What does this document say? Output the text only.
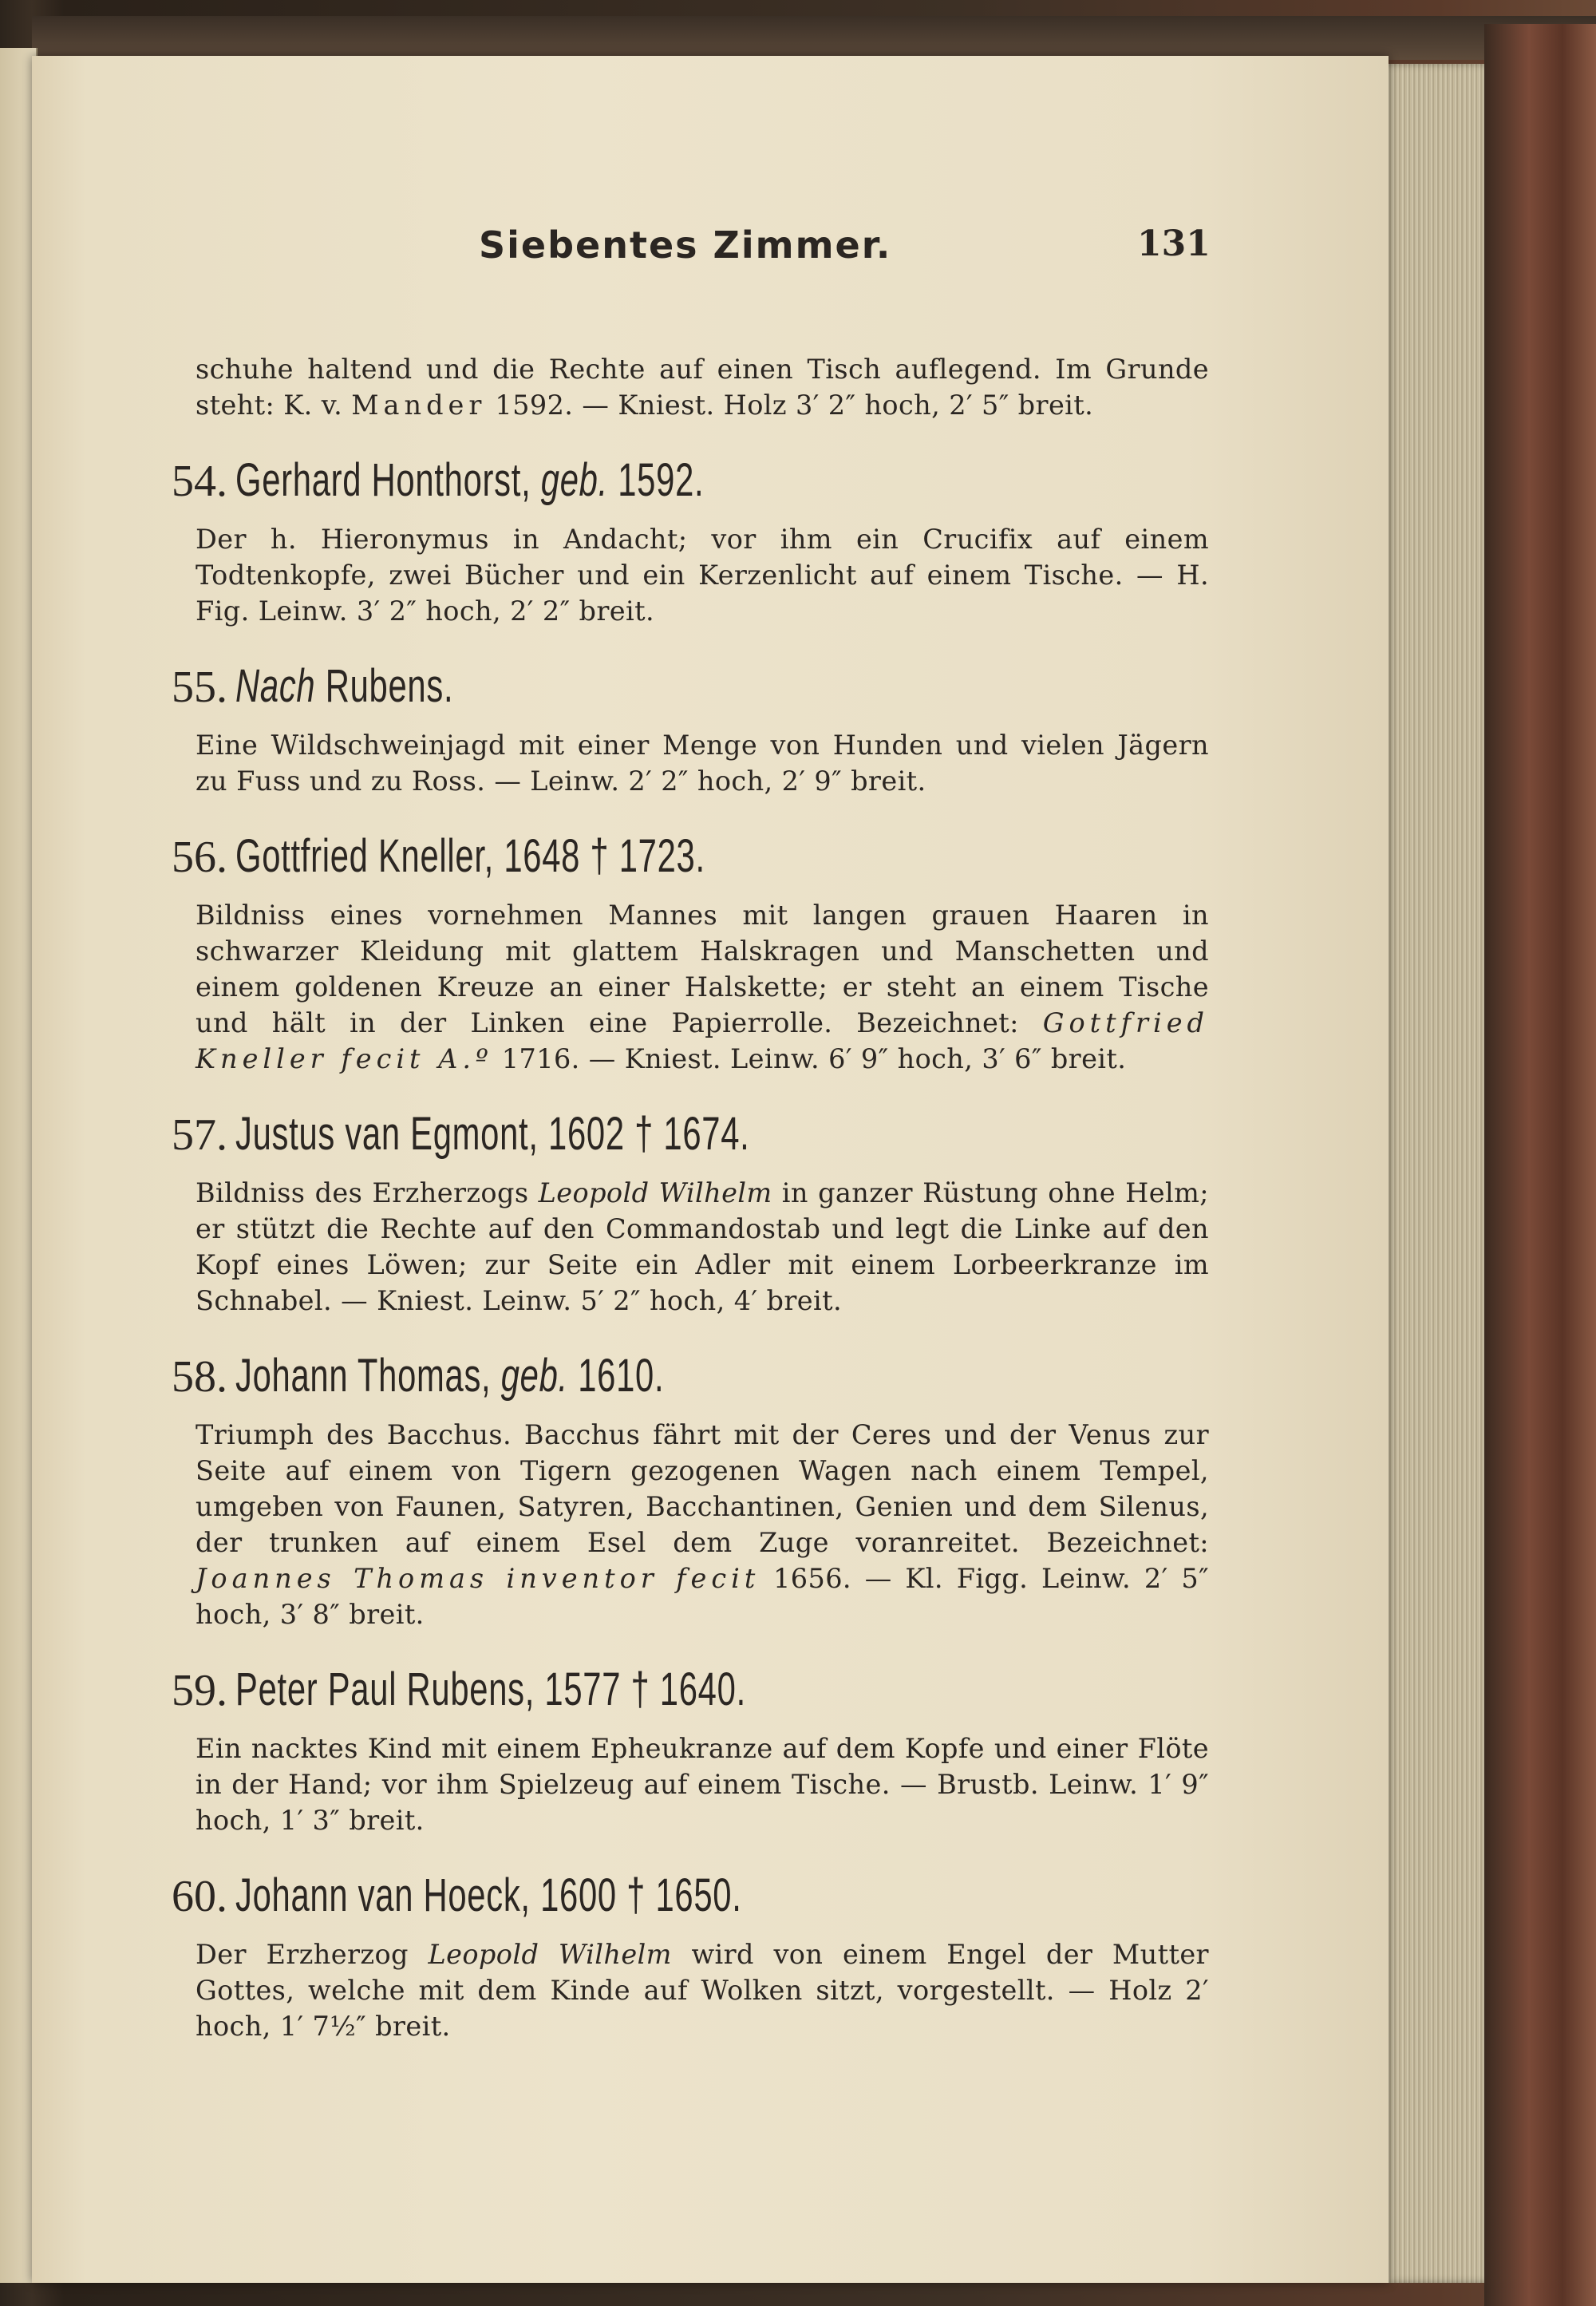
Siebentes Zimmer.	131

schuhe haltend und die Rechte auf einen Tisch auflegend. Im Grunde steht: K. v. Mander 1592. — Kniest. Holz 3′ 2″ hoch, 2′ 5″ breit.

54. Gerhard Honthorst, geb. 1592.

Der h. Hieronymus in Andacht; vor ihm ein Crucifix auf einem Todtenkopfe, zwei Bücher und ein Kerzenlicht auf einem Tische. — H. Fig. Leinw. 3′ 2″ hoch, 2′ 2″ breit.

55. Nach Rubens.

Eine Wildschweinjagd mit einer Menge von Hunden und vielen Jägern zu Fuss und zu Ross. — Leinw. 2′ 2″ hoch, 2′ 9″ breit.

56. Gottfried Kneller, 1648 † 1723.

Bildniss eines vornehmen Mannes mit langen grauen Haaren in schwarzer Kleidung mit glattem Halskragen und Manschetten und einem goldenen Kreuze an einer Halskette; er steht an einem Tische und hält in der Linken eine Papierrolle. Bezeichnet: Gottfried Kneller fecit A.º 1716. — Kniest. Leinw. 6′ 9″ hoch, 3′ 6″ breit.

57. Justus van Egmont, 1602 † 1674.

Bildniss des Erzherzogs Leopold Wilhelm in ganzer Rüstung ohne Helm; er stützt die Rechte auf den Commandostab und legt die Linke auf den Kopf eines Löwen; zur Seite ein Adler mit einem Lorbeerkranze im Schnabel. — Kniest. Leinw. 5′ 2″ hoch, 4′ breit.

58. Johann Thomas, geb. 1610.

Triumph des Bacchus. Bacchus fährt mit der Ceres und der Venus zur Seite auf einem von Tigern gezogenen Wagen nach einem Tempel, umgeben von Faunen, Satyren, Bacchantinen, Genien und dem Silenus, der trunken auf einem Esel dem Zuge voranreitet. Bezeichnet: Joannes Thomas inventor fecit 1656. — Kl. Figg. Leinw. 2′ 5″ hoch, 3′ 8″ breit.

59. Peter Paul Rubens, 1577 † 1640.

Ein nacktes Kind mit einem Epheukranze auf dem Kopfe und einer Flöte in der Hand; vor ihm Spielzeug auf einem Tische. — Brustb. Leinw. 1′ 9″ hoch, 1′ 3″ breit.

60. Johann van Hoeck, 1600 † 1650.

Der Erzherzog Leopold Wilhelm wird von einem Engel der Mutter Gottes, welche mit dem Kinde auf Wolken sitzt, vorgestellt. — Holz 2′ hoch, 1′ 7½″ breit.
